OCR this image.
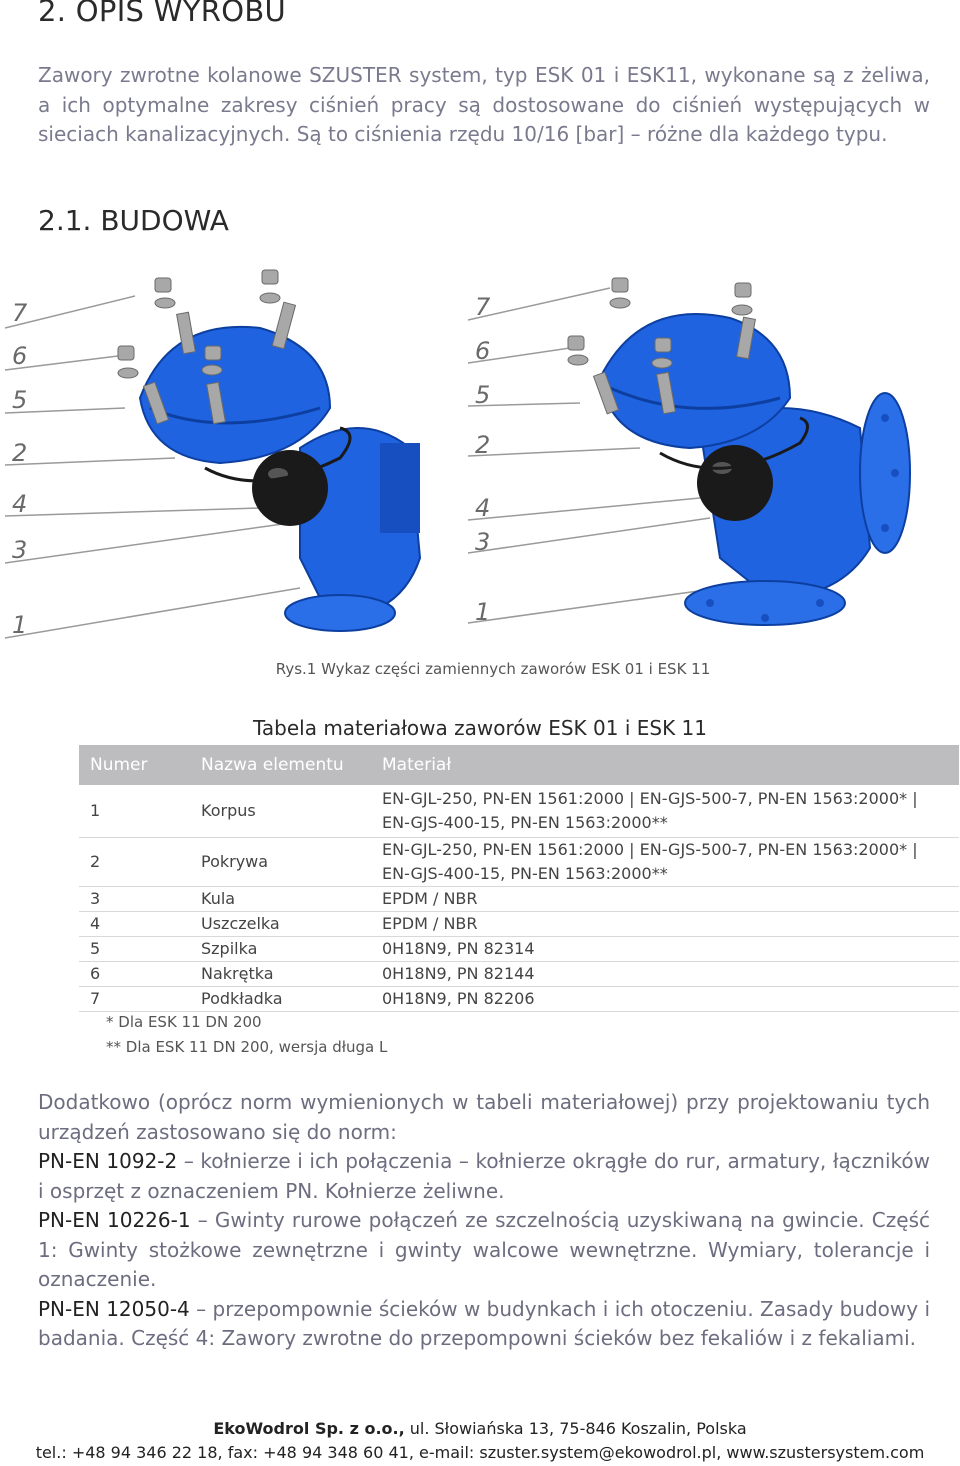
2. OPIS WYROBU
Zawory zwrotne kolanowe SZUSTER system, typ ESK 01 i ESK11, wykonane są z żeliwa, a ich optymalne zakresy ciśnień pracy są dostosowane do ciśnień występujących w sieciach kanalizacyjnych. Są to ciśnienia rzędu 10/16 [bar] – różne dla każdego typu.
2.1. BUDOWA
7
6
5
2
4
3
1
7
6
5
2
4
3
1
Rys.1 Wykaz części zamiennych zaworów ESK 01 i ESK 11
Tabela materiałowa zaworów ESK 01 i ESK 11
Numer	Nazwa elementu	Materiał
1	Korpus	EN-GJL-250, PN-EN 1561:2000 | EN-GJS-500-7, PN-EN 1563:2000* |
EN-GJS-400-15, PN-EN 1563:2000**

2	Pokrywa	EN-GJL-250, PN-EN 1561:2000 | EN-GJS-500-7, PN-EN 1563:2000* |
EN-GJS-400-15, PN-EN 1563:2000**

3	Kula	EPDM / NBR
4	Uszczelka	EPDM / NBR
5	Szpilka	0H18N9, PN 82314
6	Nakrętka	0H18N9, PN 82144
7	Podkładka	0H18N9, PN 82206
* Dla ESK 11 DN 200
** Dla ESK 11 DN 200, wersja długa L

Dodatkowo (oprócz norm wymienionych w tabeli materiałowej) przy projektowaniu tych urządzeń zastosowano się do norm:

PN-EN 1092-2 – kołnierze i ich połączenia – kołnierze okrągłe do rur, armatury, łączników i osprzęt z oznaczeniem PN. Kołnierze żeliwne.

PN-EN 10226-1 – Gwinty rurowe połączeń ze szczelnością uzyskiwaną na gwincie. Część 1: Gwinty stożkowe zewnętrzne i gwinty walcowe wewnętrzne. Wymiary, tolerancje i oznaczenie.

PN-EN 12050-4 – przepompownie ścieków w budynkach i ich otoczeniu. Zasady budowy i badania. Część 4: Zawory zwrotne do przepompowni ścieków bez fekaliów i z fekaliami.

EkoWodrol Sp. z o.o., ul. Słowiańska 13, 75-846 Koszalin, Polska
tel.: +48 94 346 22 18, fax: +48 94 348 60 41, e-mail: szuster.system@ekowodrol.pl, www.szustersystem.com
